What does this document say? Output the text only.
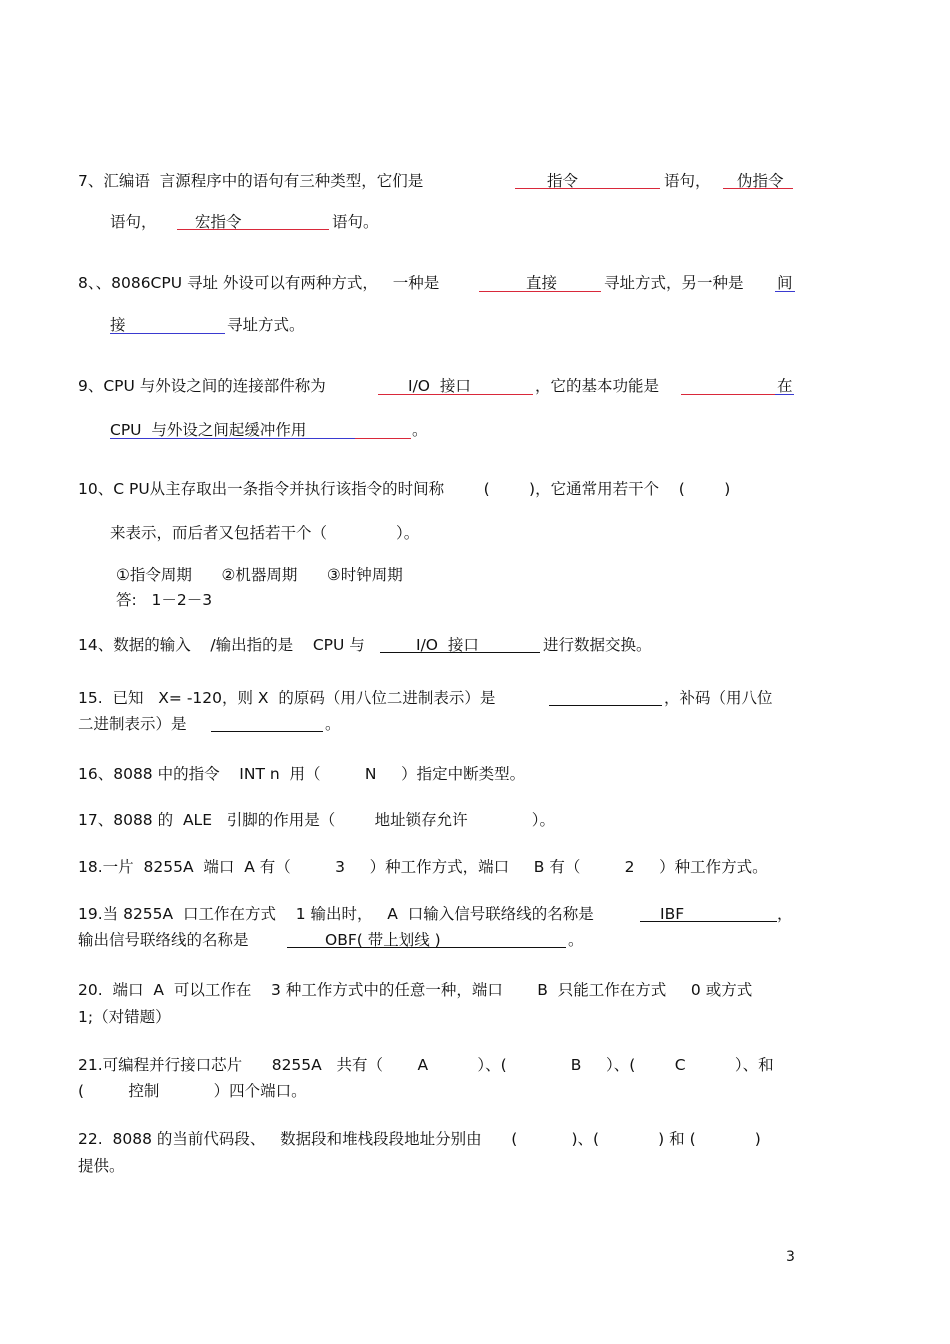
7、汇编语  言源程序中的语句有三种类型，它们是	指令	语句， 伪指令
语句， 宏指令	语句。
8、、8086CPU 寻址 外设可以有两种方式，   一种是	直接	寻址方式，另一种是 间
接	寻址方式。
9、CPU 与外设之间的连接部件称为	I/O  接口	，它的基本功能是	在
CPU  与外设之间起缓冲作用	。
10、C PU从主存取出一条指令并执行该指令的时间称        (        )，它通常用若干个    (        )
来表示，而后者又包括若干个（              ）。
①指令周期      ②机器周期      ③时钟周期
答:   1－2－3
14、数据的输入    /输出指的是    CPU 与	I/O  接口	进行数据交换。
15.  已知   X= -120，则 X  的原码（用八位二进制表示）是	，补码（用八位
二进制表示）是	。
16、8088 中的指令    INT n  用（         N     ）指定中断类型。
17、8088 的  ALE   引脚的作用是（        地址锁存允许             ）。
18.一片  8255A  端口  A 有（         3     ）种工作方式，端口     B 有（         2     ）种工作方式。
19.当 8255A  口工作在方式    1 输出时，   A  口输入信号联络线的名称是	IBF	，
输出信号联络线的名称是	OBF( 带上划线 )	。
20.  端口  A  可以工作在    3 种工作方式中的任意一种，端口       B  只能工作在方式     0 或方式
1;（对错题）
21.可编程并行接口芯片      8255A   共有（       A          ）、(             B     ）、(        C          ）、和
(         控制           ）四个端口。
22.  8088 的当前代码段、   数据段和堆栈段段地址分别由      (           )、(            ) 和 (            )
提供。
3
